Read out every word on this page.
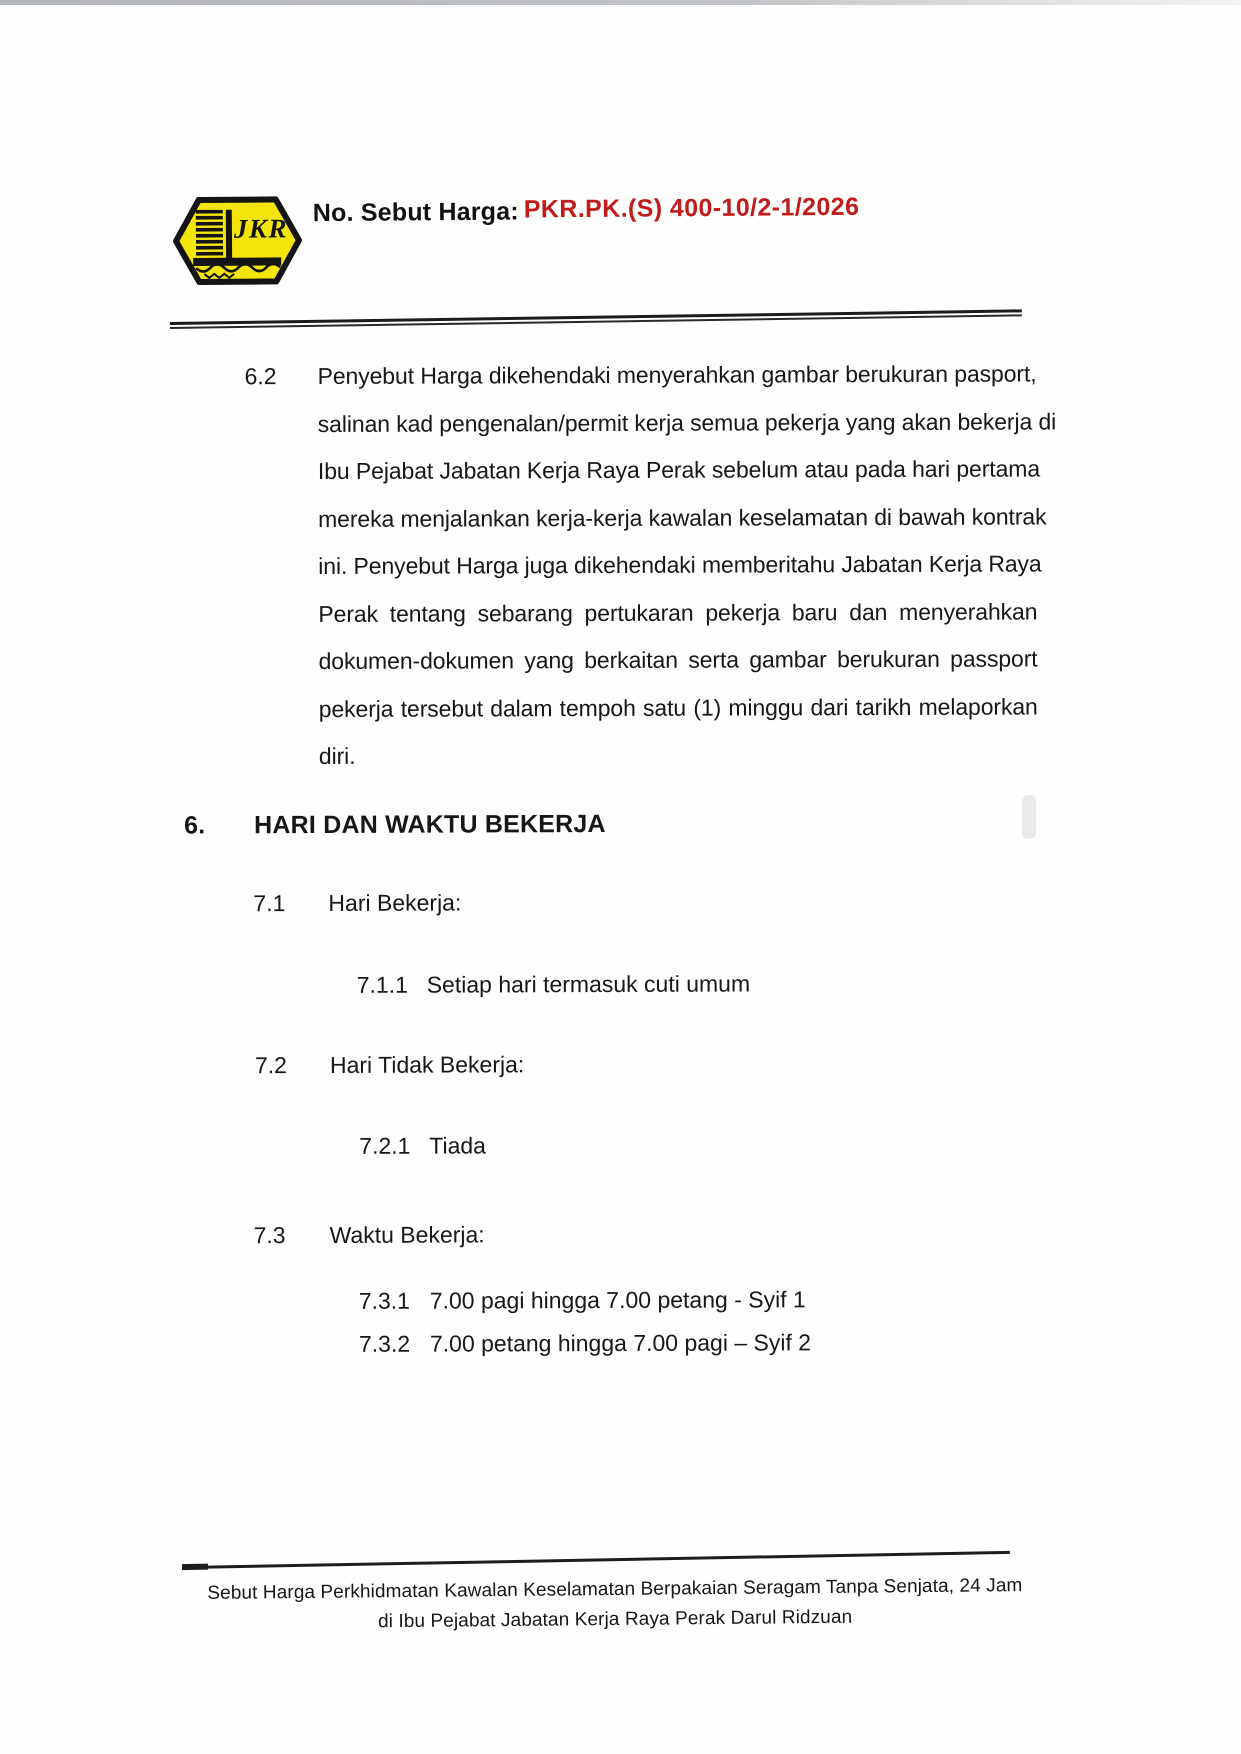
JKR
No. Sebut Harga: PKR.PK.(S) 400-10/2-1/2026
6.2 Penyebut Harga dikehendaki menyerahkan gambar berukuran pasport,
salinan kad pengenalan/permit kerja semua pekerja yang akan bekerja di
Ibu Pejabat Jabatan Kerja Raya Perak sebelum atau pada hari pertama
mereka menjalankan kerja-kerja kawalan keselamatan di bawah kontrak
ini. Penyebut Harga juga dikehendaki memberitahu Jabatan Kerja Raya
Perak tentang sebarang pertukaran pekerja baru dan menyerahkan
dokumen-dokumen yang berkaitan serta gambar berukuran passport
pekerja tersebut dalam tempoh satu (1) minggu dari tarikh melaporkan
diri.
6. HARI DAN WAKTU BEKERJA
7.1 Hari Bekerja:
7.1.1 Setiap hari termasuk cuti umum
7.2 Hari Tidak Bekerja:
7.2.1 Tiada
7.3 Waktu Bekerja:
7.3.1 7.00 pagi hingga 7.00 petang - Syif 1
7.3.2 7.00 petang hingga 7.00 pagi – Syif 2
Sebut Harga Perkhidmatan Kawalan Keselamatan Berpakaian Seragam Tanpa Senjata, 24 Jam
di Ibu Pejabat Jabatan Kerja Raya Perak Darul Ridzuan
